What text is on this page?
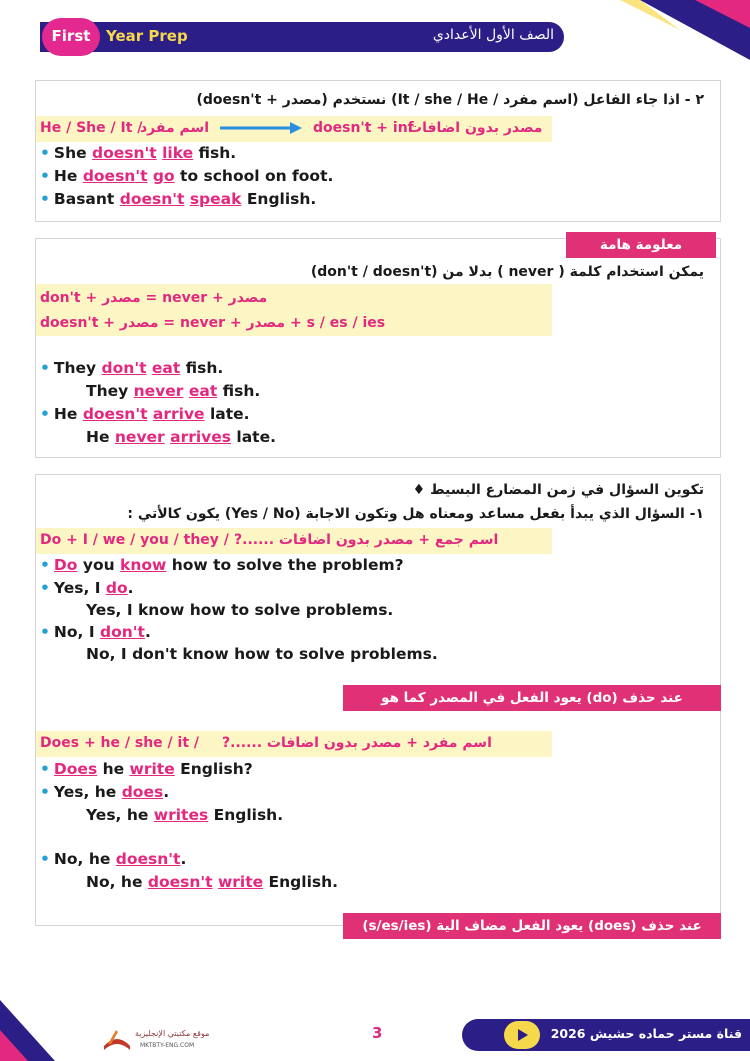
First	Year Prep	الصف الأول الأعدادي
٢ - اذا جاء الفاعل (اسم مفرد / It / she / He) نستخدم (مصدر + doesn't)
He / She / It /
اسم مفرد	doesn't + inf
مصدر بدون اضافات
• She doesn't like fish.
• He doesn't go to school on foot.
• Basant doesn't speak English.
معلومة هامة
يمكن استخدام كلمة ( never ) بدلا من (don't / doesn't)
don't + مصدر = never + مصدر
doesn't + مصدر = never + مصدر + s / es / ies
• They don't eat fish.
They never eat fish.
• He doesn't arrive late.
He never arrives late.
تكوين السؤال في زمن المضارع البسيط ♦
١- السؤال الذي يبدأ بفعل مساعد ومعناه هل وتكون الاجابة (Yes / No) يكون كالأتي :
Do + I / we / you / they / اسم جمع + مصدر بدون اضافات ......?
• Do you know how to solve the problem?
• Yes, I do.
Yes, I know how to solve problems.
• No, I don't.
No, I don't know how to solve problems.
عند حذف (do) يعود الفعل في المصدر كما هو
Does + he / she / it / اسم مفرد + مصدر بدون اضافات ......?
• Does he write English?
• Yes, he does.
Yes, he writes English.
• No, he doesn't.
No, he doesn't write English.
عند حذف (does) يعود الفعل مضاف الية (s/es/ies)
موقع مكتبتي الإنجليزية
MKTBTY-ENG.COM
3	قناة مستر حماده حشيش 2026
